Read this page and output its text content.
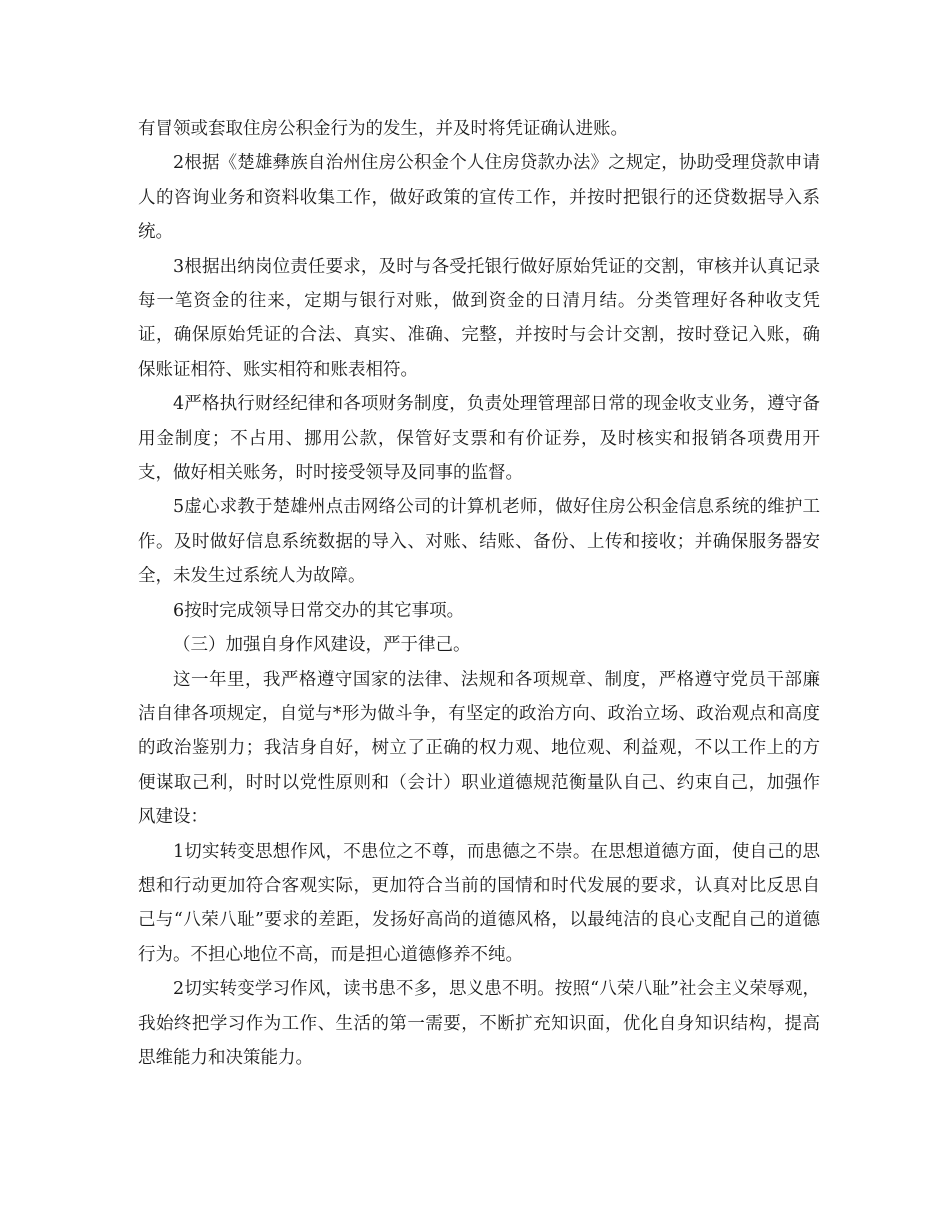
有冒领或套取住房公积金行为的发生，并及时将凭证确认进账。

2根据《楚雄彝族自治州住房公积金个人住房贷款办法》之规定，协助受理贷款申请人的咨询业务和资料收集工作，做好政策的宣传工作，并按时把银行的还贷数据导入系统。

3根据出纳岗位责任要求，及时与各受托银行做好原始凭证的交割，审核并认真记录每一笔资金的往来，定期与银行对账，做到资金的日清月结。分类管理好各种收支凭证，确保原始凭证的合法、真实、准确、完整，并按时与会计交割，按时登记入账，确保账证相符、账实相符和账表相符。

4严格执行财经纪律和各项财务制度，负责处理管理部日常的现金收支业务，遵守备用金制度；不占用、挪用公款，保管好支票和有价证券，及时核实和报销各项费用开支，做好相关账务，时时接受领导及同事的监督。

5虚心求教于楚雄州点击网络公司的计算机老师，做好住房公积金信息系统的维护工作。及时做好信息系统数据的导入、对账、结账、备份、上传和接收；并确保服务器安全，未发生过系统人为故障。

6按时完成领导日常交办的其它事项。

（三）加强自身作风建设，严于律己。

这一年里，我严格遵守国家的法律、法规和各项规章、制度，严格遵守党员干部廉洁自律各项规定，自觉与*形为做斗争，有坚定的政治方向、政治立场、政治观点和高度的政治鉴别力；我洁身自好，树立了正确的权力观、地位观、利益观，不以工作上的方便谋取己利，时时以党性原则和（会计）职业道德规范衡量队自己、约束自己，加强作风建设：

1切实转变思想作风，不患位之不尊，而患德之不崇。在思想道德方面，使自己的思想和行动更加符合客观实际，更加符合当前的国情和时代发展的要求，认真对比反思自己与“八荣八耻”要求的差距，发扬好高尚的道德风格，以最纯洁的良心支配自己的道德行为。不担心地位不高，而是担心道德修养不纯。

2切实转变学习作风，读书患不多，思义患不明。按照“八荣八耻”社会主义荣辱观，我始终把学习作为工作、生活的第一需要，不断扩充知识面，优化自身知识结构，提高思维能力和决策能力。
